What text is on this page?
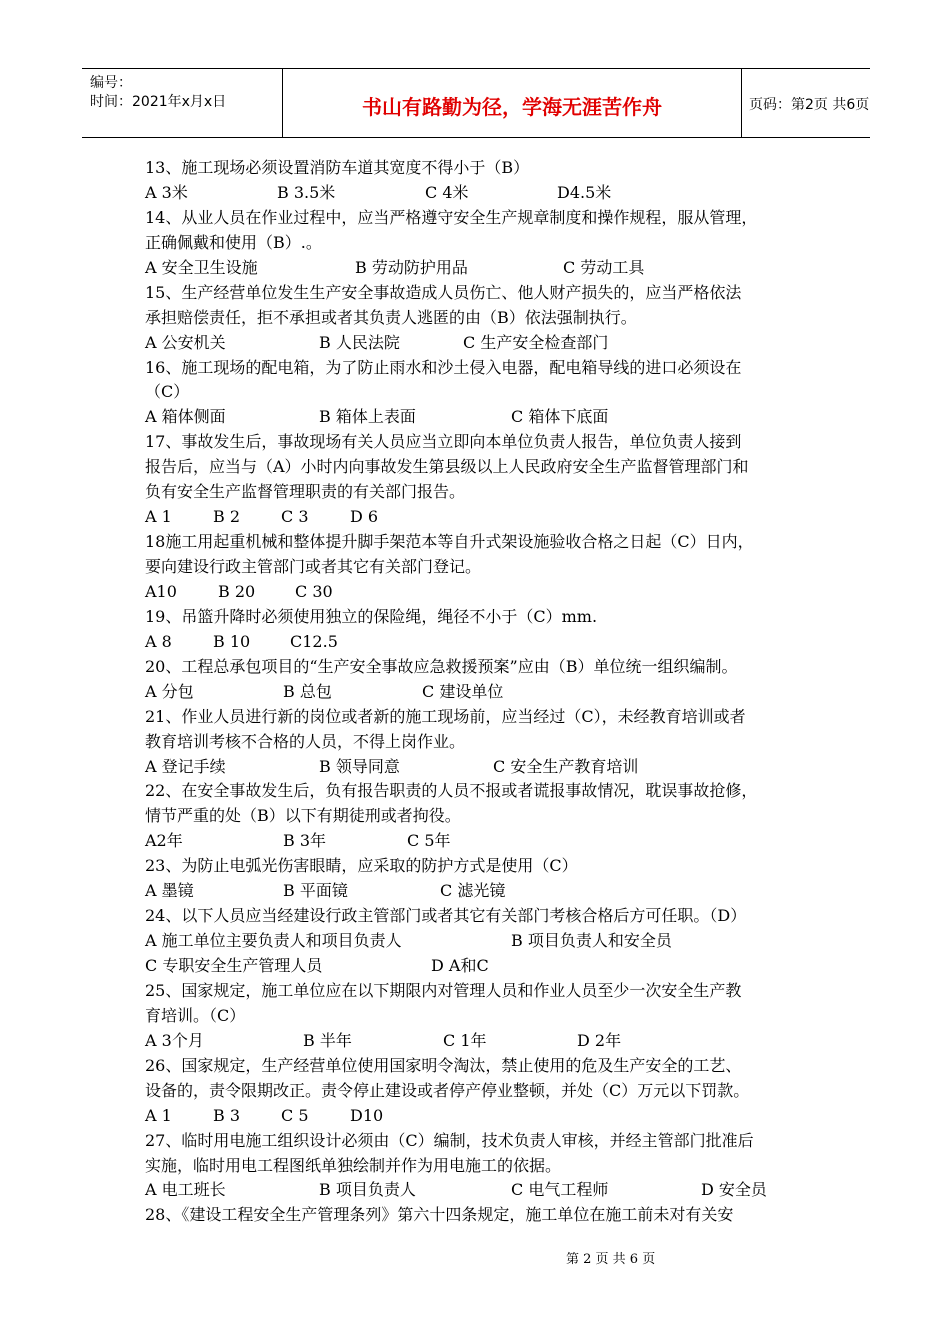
编号：
时间：2021年x月x日	书山有路勤为径，学海无涯苦作舟	页码：第2页 共6页
13、施工现场必须设置消防车道其宽度不得小于（B）
A 3米	B 3.5米	C 4米	D4.5米
14、从业人员在作业过程中，应当严格遵守安全生产规章制度和操作规程，服从管理，
正确佩戴和使用（B）.。
A 安全卫生设施	B 劳动防护用品	C 劳动工具
15、生产经营单位发生生产安全事故造成人员伤亡、他人财产损失的，应当严格依法
承担赔偿责任，拒不承担或者其负责人逃匿的由（B）依法强制执行。
A 公安机关	B 人民法院	C 生产安全检查部门
16、施工现场的配电箱，为了防止雨水和沙土侵入电器，配电箱导线的进口必须设在
（C）
A 箱体侧面	B 箱体上表面	C 箱体下底面
17、事故发生后，事故现场有关人员应当立即向本单位负责人报告，单位负责人接到
报告后，应当与（A）小时内向事故发生第县级以上人民政府安全生产监督管理部门和
负有安全生产监督管理职责的有关部门报告。
A 1	B 2	C 3	D 6
18施工用起重机械和整体提升脚手架范本等自升式架设施验收合格之日起（C）日内，
要向建设行政主管部门或者其它有关部门登记。
A10	B 20 C 30
19、吊篮升降时必须使用独立的保险绳，绳径不小于（C）mm.
A 8	B 10 C12.5
20、工程总承包项目的“生产安全事故应急救援预案”应由（B）单位统一组织编制。
A 分包	B 总包	C 建设单位
21、作业人员进行新的岗位或者新的施工现场前，应当经过（C），未经教育培训或者
教育培训考核不合格的人员，不得上岗作业。
A 登记手续	B 领导同意	C 安全生产教育培训
22、在安全事故发生后，负有报告职责的人员不报或者谎报事故情况，耽误事故抢修，
情节严重的处（B）以下有期徒刑或者拘役。
A2年	B 3年	C 5年
23、为防止电弧光伤害眼睛，应采取的防护方式是使用（C）
A 墨镜	B 平面镜	C 滤光镜
24、以下人员应当经建设行政主管部门或者其它有关部门考核合格后方可任职。（D）
A 施工单位主要负责人和项目负责人	B 项目负责人和安全员
C 专职安全生产管理人员	D A和C
25、国家规定，施工单位应在以下期限内对管理人员和作业人员至少一次安全生产教
育培训。（C）
A 3个月	B 半年	C 1年	D 2年
26、国家规定，生产经营单位使用国家明令淘汰，禁止使用的危及生产安全的工艺、
设备的，责令限期改正。责令停止建设或者停产停业整顿，并处（C）万元以下罚款。
A 1	B 3	C 5	D10
27、临时用电施工组织设计必须由（C）编制，技术负责人审核，并经主管部门批准后
实施，临时用电工程图纸单独绘制并作为用电施工的依据。
A 电工班长	B 项目负责人	C 电气工程师	D 安全员
28、《建设工程安全生产管理条列》第六十四条规定，施工单位在施工前未对有关安
第 2 页 共 6 页
